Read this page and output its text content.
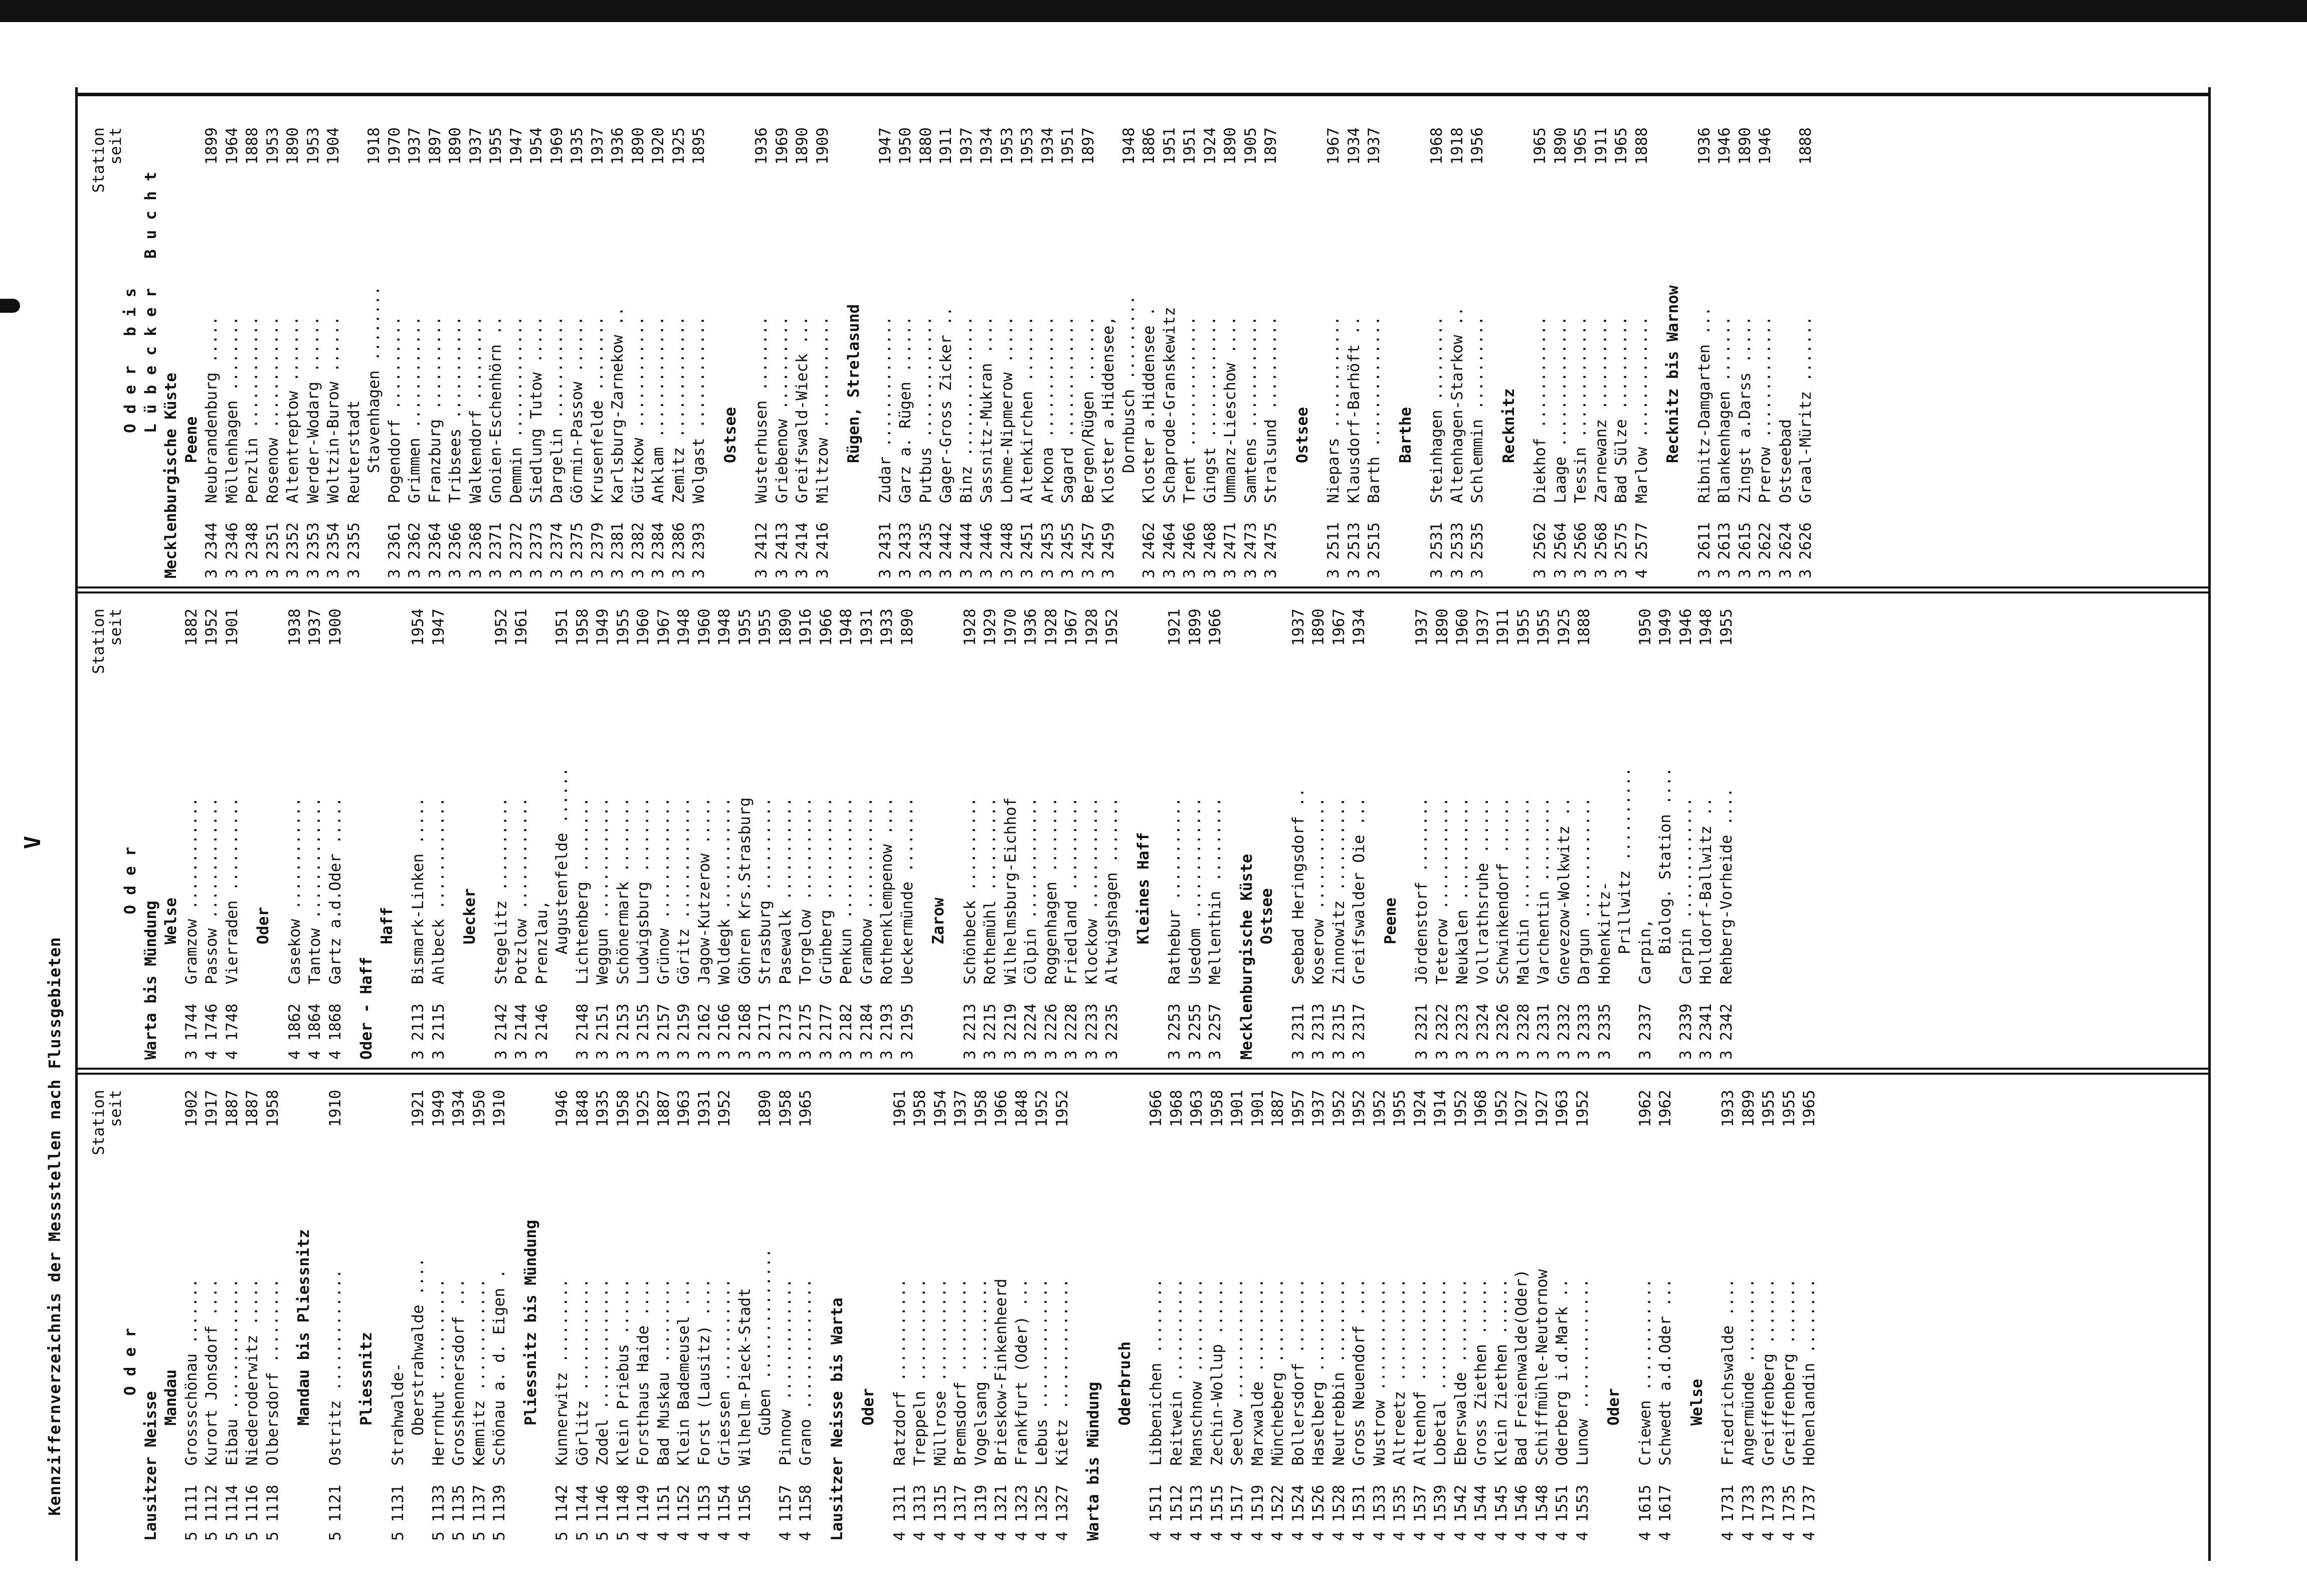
Kennziffernverzeichnis der Messstellen nach Flussgebieten
V
Station
seit
Oder
Lausitzer Neisse Mandau
5 1111
Grossschönau .......
1902
5 1112
Kurort Jonsdorf ....
1917
5 1114
Eibau ..............
1887
5 1116
Niederoderwitz .....
1887
5 1118
Olbersdorf .........
1958
Mandau bis Pliessnitz
5 1121
Ostritz .............
1910
Pliessnitz
5 1131
Strahwalde- Oberstrahwalde ....
1921
5 1133
Herrnhut ...........
1949
5 1135
Grosshennersdorf ...
1934
5 1137
Kemnitz ............
1950
5 1139
Schönau a. d. Eigen .
1910
Pliessnitz bis Mündung
5 1142
Kunnerwitz .........
1946
5 1144
Görlitz ............
1848
5 1146
Zodel ..............
1935
5 1148
Klein Priebus ......
1958
4 1149
Forsthaus Haide ....
1925
4 1151
Bad Muskau .........
1887
4 1152
Klein Bademeusel ...
1963
4 1153
Forst (Lausitz) ....
1931
4 1154
Griessen ...........
1952
4 1156
Wilhelm-Pieck-Stadt Guben ..............
1890
4 1157
Pinnow .............
1958
4 1158
Grano ..............
1965
Lausitzer Neisse bis Warta Oder
4 1311
Ratzdorf ...........
1961
4 1313
Treppeln ...........
1958
4 1315
Müllrose ...........
1954
4 1317
Bremsdorf ..........
1937
4 1319
Vogelsang ..........
1958
4 1321
Brieskow-Finkenheerd
1966
4 1323
Frankfurt (Oder) ...
1848
4 1325
Lebus ..............
1952
4 1327
Kietz ..............
1952
Warta bis Mündung Oderbruch
4 1511
Libbenichen ........
1966
4 1512
Reitwein ...........
1968
4 1513
Manschnow ..........
1963
4 1515
Zechin-Wollup ......
1958
4 1517
Seelow .............
1901
4 1519
Marxwalde ..........
1901
4 1522
Müncheberg .........
1887
4 1524
Bollersdorf ........
1957
4 1526
Haselberg ..........
1937
4 1528
Neutrebbin .........
1952
4 1531
Gross Neuendorf ....
1952
4 1533
Wustrow ............
1952
4 1535
Altreetz ...........
1955
4 1537
Altenhof ...........
1924
4 1539
Lobetal ............
1914
4 1542
Eberswalde .........
1952
4 1544
Gross Ziethen ......
1968
4 1545
Klein Ziethen ......
1952
4 1546
Bad Freienwalde(Oder)
1927
4 1548
Schiffmühle-Neutornow
1927
4 1551
Oderberg i.d.Mark ..
1963
4 1553
Lunow ..............
1952
Oder
4 1615
Criewen ............
1962
4 1617
Schwedt a.d.Oder ...
1962
Welse
4 1731
Friedrichswalde ....
1933
4 1733
Angermünde .........
1899
4 1733
Greiffenberg .......
1955
4 1735
Greiffenberg .......
1955
4 1737
Hohenlandin ........
1965
Station
seit
Oder
Warta bis Mündung Welse
3 1744
Gramzow ............
1882
4 1746
Passow .............
1952
4 1748
Vierraden ..........
1901
Oder
4 1862
Casekow ............
1938
4 1864
Tantow .............
1937
4 1868
Gartz a.d.Oder .....
1900
Oder - Haff
Haff
3 2113
Bismark-Linken .....
1954
3 2115
Ahlbeck ............
1947
Uecker
3 2142
Stegelitz ..........
1952
3 2144
Potzlow ............
1961
3 2146
Prenzlau, Augustenfelde ......
1951
3 2148
Lichtenberg ........
1958
3 2151
Weggun .............
1949
3 2153
Schönermark ........
1955
3 2155
Ludwigsburg ........
1960
3 2157
Grünow .............
1967
3 2159
Göritz .............
1948
3 2162
Jagow-Kutzerow .....
1960
3 2166
Woldegk ............
1948
3 2168
Göhren Krs.Strasburg
1955
3 2171
Strasburg ..........
1955
3 2173
Pasewalk ...........
1890
3 2175
Torgelow ...........
1916
3 2177
Grünberg ...........
1966
3 2182
Penkun .............
1948
3 2184
Grambow ............
1931
3 2193
Rothenklempenow ....
1933
3 2195
Ueckermünde ........
1890
Zarow
3 2213
Schönbeck ..........
1928
3 2215
Rothemühl ..........
1929
3 2219
Wilhelmsburg-Eichhof
1970
3 2224
Cölpin .............
1936
3 2226
Roggenhagen ........
1928
3 2228
Friedland ..........
1967
3 2233
Klockow ............
1928
3 2235
Altwigshagen .......
1952
Kleines Haff
3 2253
Rathebur ...........
1921
3 2255
Usedom .............
1899
3 2257
Mellenthin .........
1966
Mecklenburgische Küste Ostsee
3 2311
Seebad Heringsdorf ..
1937
3 2313
Koserow ............
1890
3 2315
Zinnowitz ..........
1967
3 2317
Greifswalder Oie ...
1934
Peene
3 2321
Jördenstorf ........
1937
3 2322
Teterow ............
1890
3 2323
Neukalen ...........
1960
3 2324
Vollrathsruhe ......
1937
3 2326
Schwinkendorf ......
1911
3 2328
Malchin ............
1955
3 2331
Varchentin .........
1955
3 2332
Gnevezow-Wolkwitz ..
1925
3 2333
Dargun .............
1888
3 2335
Hohenkirtz- Prillwitz ..........
3 2337
Carpin,
1950
Biolog. Station ....
1949
3 2339
Carpin .............
1946
3 2341
Holldorf-Ballwitz ..
1948
3 2342
Rehberg-Vorheide ....
1955
Station
seit
Oder bis Lübecker Bucht
Mecklenburgische Küste Peene
3 2344
Neubrandenburg .....
1899
3 2346
Möllenhagen ........
1964
3 2348
Penzlin ............
1888
3 2351
Rosenow ............
1953
3 2352
Altentreptow .......
1890
3 2353
Werder-Wodarg ......
1953
3 2354
Woltzin-Burow ......
1904
3 2355
Reuterstadt Stavenhagen ........
1918
3 2361
Pogendorf ..........
1970
3 2362
Grimmen ............
1937
3 2364
Franzburg ..........
1897
3 2366
Tribsees ...........
1890
3 2368
Walkendorf .........
1937
3 2371
Gnoien-Eschenhörn ..
1955
3 2372
Demmin .............
1947
3 2373
Siedlung Tutow .....
1954
3 2374
Dargelin ...........
1969
3 2375
Görmin-Passow ......
1935
3 2379
Krusenfelde ........
1937
3 2381
Karlsburg-Zarnekow ..
1936
3 2382
Gützkow ............
1890
3 2384
Anklam .............
1920
3 2386
Zemitz .............
1925
3 2393
Wolgast ............
1895
Ostsee
3 2412
Wusterhusen ........
1936
3 2413
Griebenow ..........
1969
3 2414
Greifswald-Wieck ...
1890
3 2416
Miltzow ............
1909
Rügen, Strelasund
3 2431
Zudar ..............
1947
3 2433
Garz a. Rügen ......
1950
3 2435
Putbus .............
1880
3 2442
Gager-Gross Zicker ..
1911
3 2444
Binz ...............
1937
3 2446
Sassnitz-Mukran ....
1934
3 2448
Lohme-Nipmerow .....
1953
3 2451
Altenkirchen .......
1953
3 2453
Arkona .............
1934
3 2455
Sagard .............
1951
3 2457
Bergen/Rügen .......
1897
3 2459
Kloster a.Hiddensee, Dornbusch .........
1948
3 2462
Kloster a.Hiddensee .
1886
3 2464
Schaprode-Granskewitz
1951
3 2466
Trent ..............
1951
3 2468
Gingst .............
1924
3 2471
Ummanz-Lieschow ....
1890
3 2473
Samtens ............
1905
3 2475
Stralsund ..........
1897
Ostsee
3 2511
Niepars ............
1967
3 2513
Klausdorf-Barhöft ..
1934
3 2515
Barth ..............
1937
Barthe
3 2531
Steinhagen .........
1968
3 2533
Altenhagen-Starkow ..
1918
3 2535
Schlemmin ..........
1956
Recknitz
3 2562
Diekhof ............
1965
3 2564
Laage ..............
1890
3 2566
Tessin .............
1965
3 2568
Zarnewanz ..........
1911
3 2575
Bad Sülze ..........
1965
4 2577
Marlow .............
1888
Recknitz bis Warnow
3 2611
Ribnitz-Damgarten ...
1936
3 2613
Blankenhagen .......
1946
3 2615
Zingst a.Darss .....
1890
3 2622
Prerow .............
1946
3 2624
Ostseebad
3 2626
Graal-Müritz .......
1888
